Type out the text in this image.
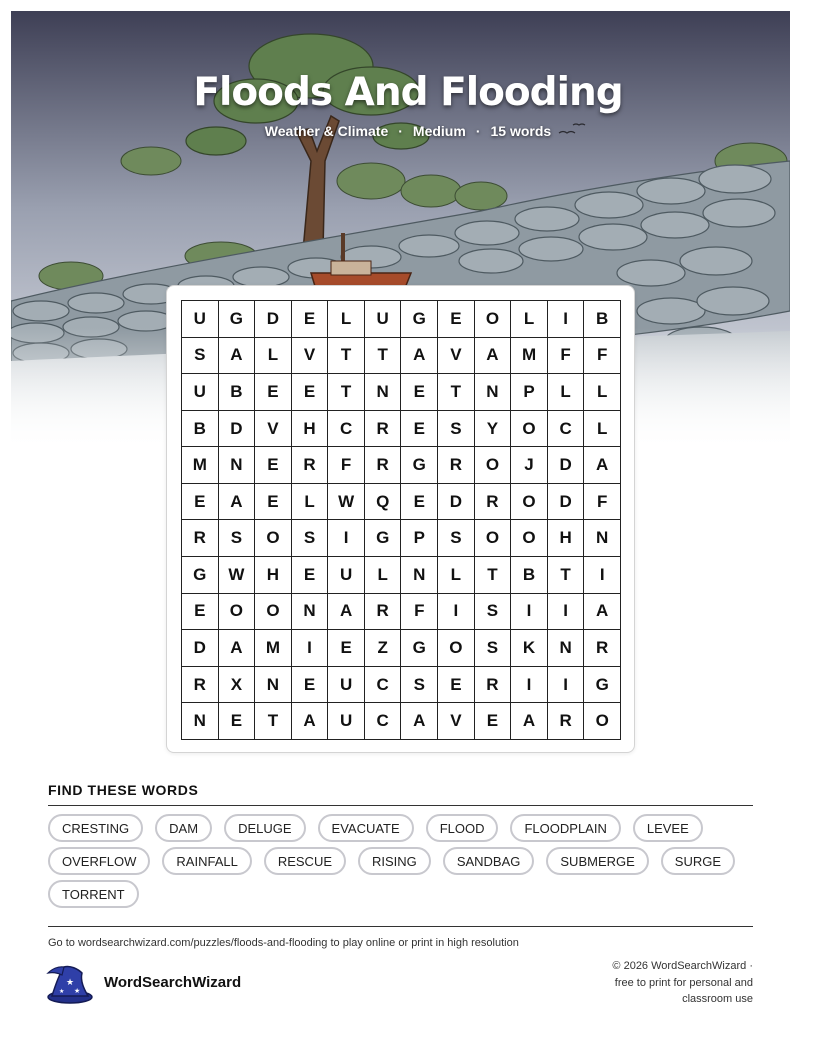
Floods And Flooding
Weather & Climate · Medium · 15 words
U	G	D	E	L	U	G	E	O	L	I	B
S	A	L	V	T	T	A	V	A	M	F	F
U	B	E	E	T	N	E	T	N	P	L	L
B	D	V	H	C	R	E	S	Y	O	C	L
M	N	E	R	F	R	G	R	O	J	D	A
E	A	E	L	W	Q	E	D	R	O	D	F
R	S	O	S	I	G	P	S	O	O	H	N
G	W	H	E	U	L	N	L	T	B	T	I
E	O	O	N	A	R	F	I	S	I	I	A
D	A	M	I	E	Z	G	O	S	K	N	R
R	X	N	E	U	C	S	E	R	I	I	G
N	E	T	A	U	C	A	V	E	A	R	O
FIND THESE WORDS
CRESTING	DAM	DELUGE	EVACUATE	FLOOD	FLOODPLAIN	LEVEE
OVERFLOW	RAINFALL	RESCUE	RISING	SANDBAG	SUBMERGE	SURGE
TORRENT
Go to wordsearchwizard.com/puzzles/floods-and-flooding to play online or print in high resolution
★
★
★
WordSearchWizard
© 2026 WordSearchWizard ·
free to print for personal and
classroom use
